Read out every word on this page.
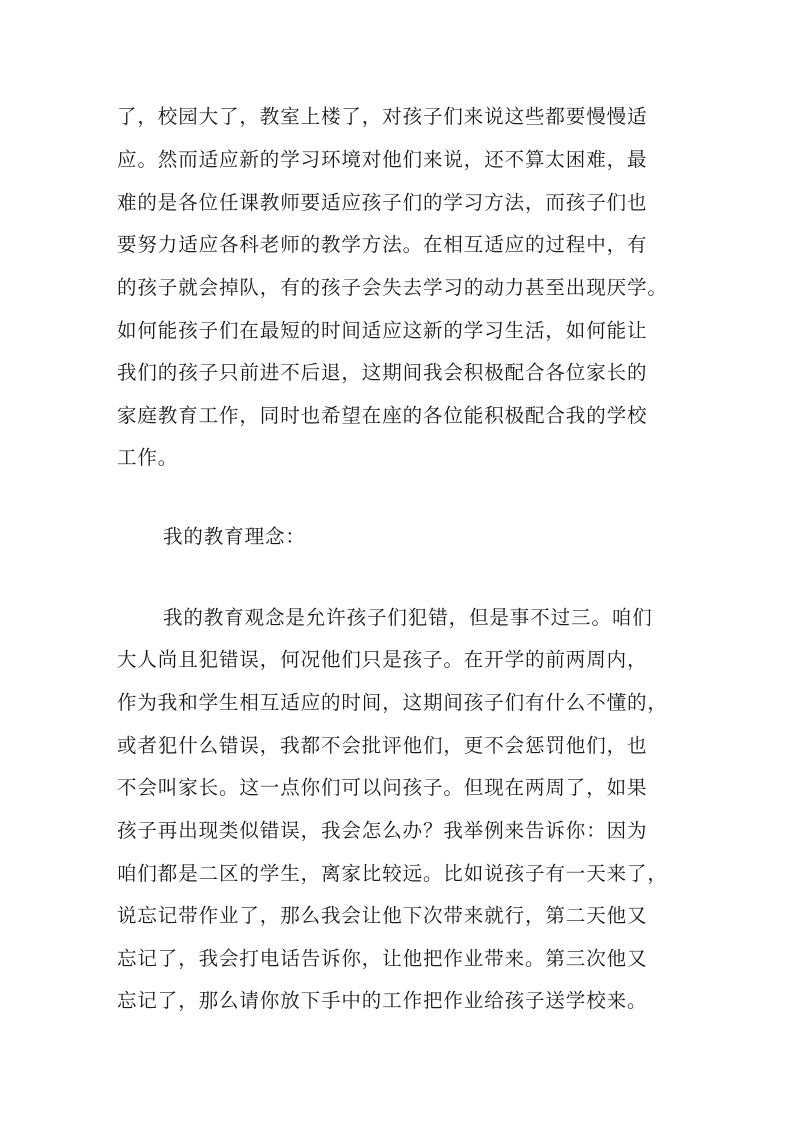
了，校园大了，教室上楼了，对孩子们来说这些都要慢慢适
应。然而适应新的学习环境对他们来说，还不算太困难，最
难的是各位任课教师要适应孩子们的学习方法，而孩子们也
要努力适应各科老师的教学方法。在相互适应的过程中，有
的孩子就会掉队，有的孩子会失去学习的动力甚至出现厌学。
如何能孩子们在最短的时间适应这新的学习生活，如何能让
我们的孩子只前进不后退，这期间我会积极配合各位家长的
家庭教育工作，同时也希望在座的各位能积极配合我的学校
工作。
我的教育理念：
我的教育观念是允许孩子们犯错，但是事不过三。咱们
大人尚且犯错误，何况他们只是孩子。在开学的前两周内，
作为我和学生相互适应的时间，这期间孩子们有什么不懂的，
或者犯什么错误，我都不会批评他们，更不会惩罚他们，也
不会叫家长。这一点你们可以问孩子。但现在两周了，如果
孩子再出现类似错误，我会怎么办？我举例来告诉你：因为
咱们都是二区的学生，离家比较远。比如说孩子有一天来了，
说忘记带作业了，那么我会让他下次带来就行，第二天他又
忘记了，我会打电话告诉你，让他把作业带来。第三次他又
忘记了，那么请你放下手中的工作把作业给孩子送学校来。
